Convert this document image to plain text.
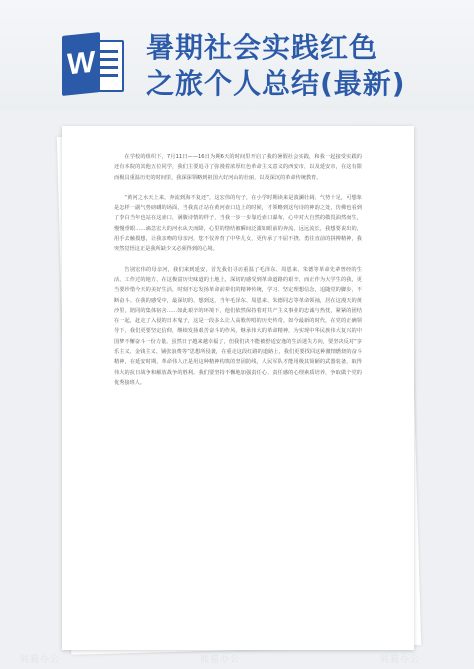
W 暑期社会实践红色
之旅个人总结(最新)

在学校的组织下，7月11日——16日为期6天的时间里开启了我的暑假社会实践，和我一起接受实践的还有本院的其他五位同学，我们主要追寻了弥漫着浓厚红色革命主义意义的西安市，以及延安市，在这有限而极具重温历史的时间里，我深深领略到祖国大好河山的壮丽，以及深沉的革命传统教育。

“黄河之水天上来，奔流到海不复还”，这宏伟的句子，在小学时期读来是波澜壮阔、气势十足，可想象是怎样一副气势磅礴的场面，当我真正站在黄河壶口边上的时候，才领略到这句诗的神韵之处，彷佛也看到了李白当年也站在这壶口，满腹诗情的样子，当我一步一步靠近壶口瀑布，心中对大自然的敬畏油然而生，慢慢垂眼……滴急宏大的河水从天而降，心里的情结被瞬间泛滥如眼前的奔流，远远流长，我想要说出的，用手去触摸想，让我亲吻的母亲河，您不仅养育了中华儿女，更传承了不屈不挠、勇往直前的拼搏精神，我突然觉悟这正是我所缺少又必须得到的心境。

告别宏伟的母亲河，我们来到延安，首先我们寻访重温了毛泽东、周恩来、朱德等革命先辈曾经的生活、工作过的地方，在这极富历史味道的土地上，深切的感受到革命道路的艰辛，而正作为大学生的我，更当要珍惜今天的美好生活，时刻不忘发扬革命前辈们的精神传统，学习、坚定理想信念，追随党的脚步，不断奋斗。在我的感受中，最深切的、想到这，当年毛泽东、周恩来、朱德同志等革命领袖，居在这漫天的黄沙里，陪同的集体宿舍……如此艰辛的环境下，他们依然保持着对共产主义事业的忠诚与热忱，紧紧的团结在一起，赶走了入侵的日本鬼子，这是一段多么让人高歌传唱的历史传奇。如今最新的时代，在党的正确领导下，我们更要坚定信仰，继续发扬艰苦奋斗的作风，继承伟大的革命精神，为实现中华民族伟大复兴的中国梦不懈奋斗一份力量。虽然日子越来越幸福了，但我们决不能被舒适安逸的生活迷失方向，要坚决反对“享乐主义、金钱主义、铺张浪费等”思想所侵袭，在重走这段红路的道路上，我们更要找回这种激情燃烧的奋斗精神，在延安时期，革命伟人正是用这种精神构筑的坚固防线，人民军队才能用极其简陋的武器装备，取得伟大的抗日战争和解放战争的胜利。我们要坚持不懈地加强责任心、责任感的心理素质培养，争取做个党的优秀接班人。

熊猫办公	熊猫办公	熊猫办公
